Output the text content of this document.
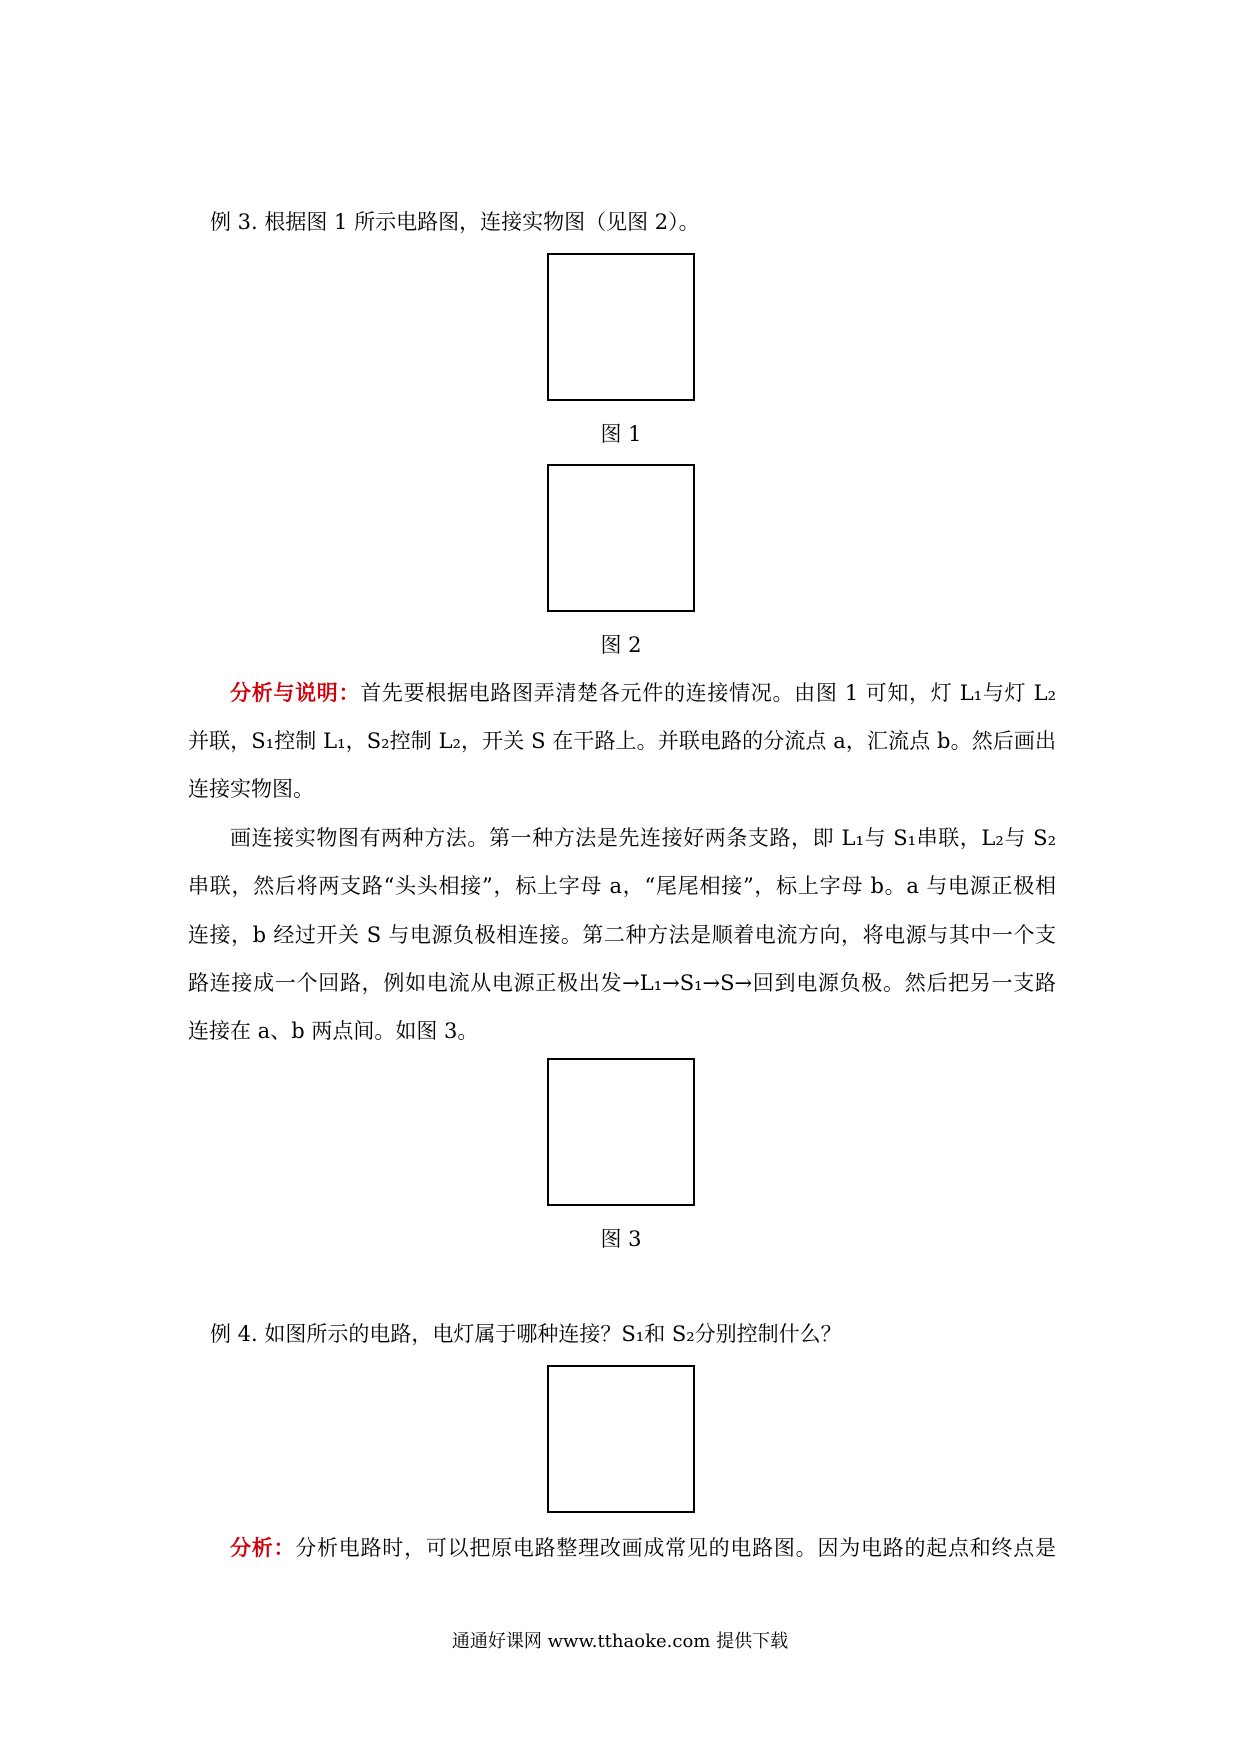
例 3. 根据图 1 所示电路图，连接实物图（见图 2）。
图 1
图 2
分析与说明：首先要根据电路图弄清楚各元件的连接情况。由图 1 可知，灯 L₁与灯 L₂
并联，S₁控制 L₁，S₂控制 L₂，开关 S 在干路上。并联电路的分流点 a，汇流点 b。然后画出
连接实物图。
画连接实物图有两种方法。第一种方法是先连接好两条支路，即 L₁与 S₁串联，L₂与 S₂
串联，然后将两支路“头头相接”，标上字母 a，“尾尾相接”，标上字母 b。a 与电源正极相
连接，b 经过开关 S 与电源负极相连接。第二种方法是顺着电流方向，将电源与其中一个支
路连接成一个回路，例如电流从电源正极出发→L₁→S₁→S→回到电源负极。然后把另一支路
连接在 a、b 两点间。如图 3。
图 3
例 4. 如图所示的电路，电灯属于哪种连接？S₁和 S₂分别控制什么？
分析：分析电路时，可以把原电路整理改画成常见的电路图。因为电路的起点和终点是
通通好课网 www.tthaoke.com 提供下载
